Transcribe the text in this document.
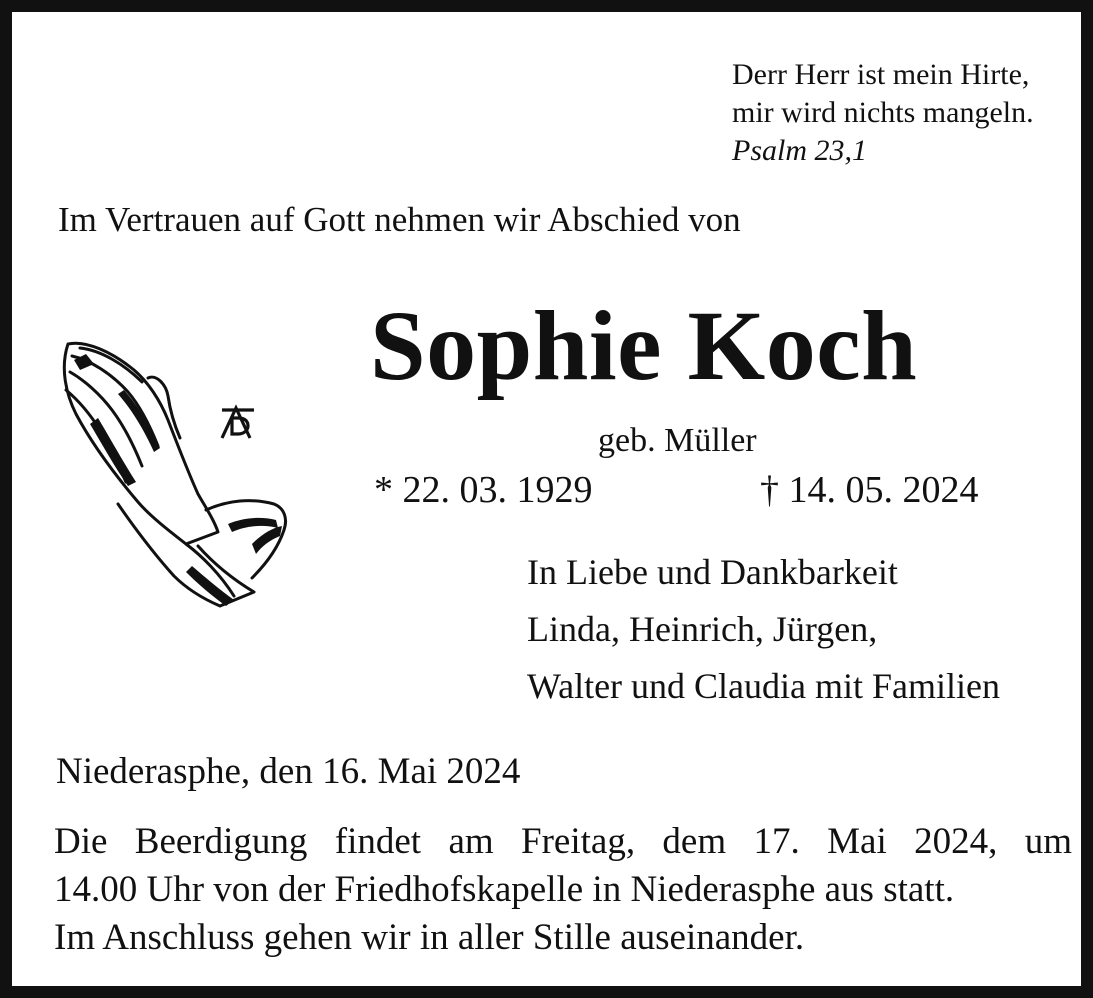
Derr Herr ist mein Hirte,
mir wird nichts mangeln.
Psalm 23,1
Im Vertrauen auf Gott nehmen wir Abschied von
Sophie Koch
geb. Müller
* 22. 03. 1929	† 14. 05. 2024
In Liebe und Dankbarkeit
Linda, Heinrich, Jürgen,
Walter und Claudia mit Familien
Niederasphe, den 16. Mai 2024
Die Beerdigung findet am Freitag, dem 17. Mai 2024, um
14.00 Uhr von der Friedhofskapelle in Niederasphe aus statt.
Im Anschluss gehen wir in aller Stille auseinander.
